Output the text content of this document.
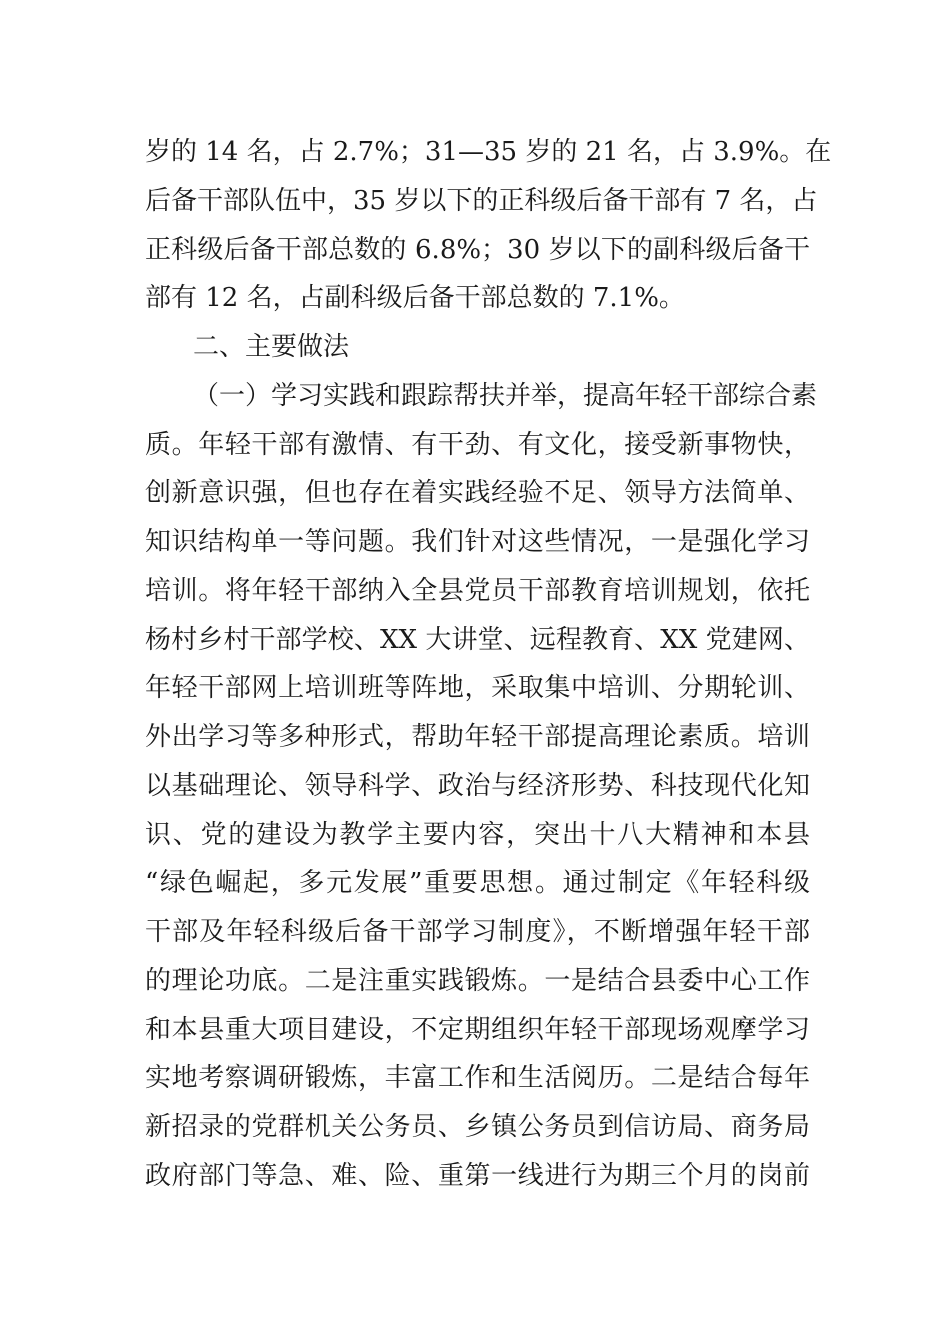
岁的 14 名，占 2.7%；31—35 岁的 21 名，占 3.9%。在
后备干部队伍中，35 岁以下的正科级后备干部有 7 名，占
正科级后备干部总数的 6.8%；30 岁以下的副科级后备干
部有 12 名，占副科级后备干部总数的 7.1%。
二、主要做法
（一）学习实践和跟踪帮扶并举，提高年轻干部综合素
质。年轻干部有激情、有干劲、有文化，接受新事物快，
创新意识强，但也存在着实践经验不足、领导方法简单、
知识结构单一等问题。我们针对这些情况，一是强化学习
培训。将年轻干部纳入全县党员干部教育培训规划，依托
杨村乡村干部学校、XX 大讲堂、远程教育、XX 党建网、
年轻干部网上培训班等阵地，采取集中培训、分期轮训、
外出学习等多种形式，帮助年轻干部提高理论素质。培训
以基础理论、领导科学、政治与经济形势、科技现代化知
识、党的建设为教学主要内容，突出十八大精神和本县
“绿色崛起，多元发展”重要思想。通过制定《年轻科级
干部及年轻科级后备干部学习制度》，不断增强年轻干部
的理论功底。二是注重实践锻炼。一是结合县委中心工作
和本县重大项目建设，不定期组织年轻干部现场观摩学习
实地考察调研锻炼，丰富工作和生活阅历。二是结合每年
新招录的党群机关公务员、乡镇公务员到信访局、商务局
政府部门等急、难、险、重第一线进行为期三个月的岗前
